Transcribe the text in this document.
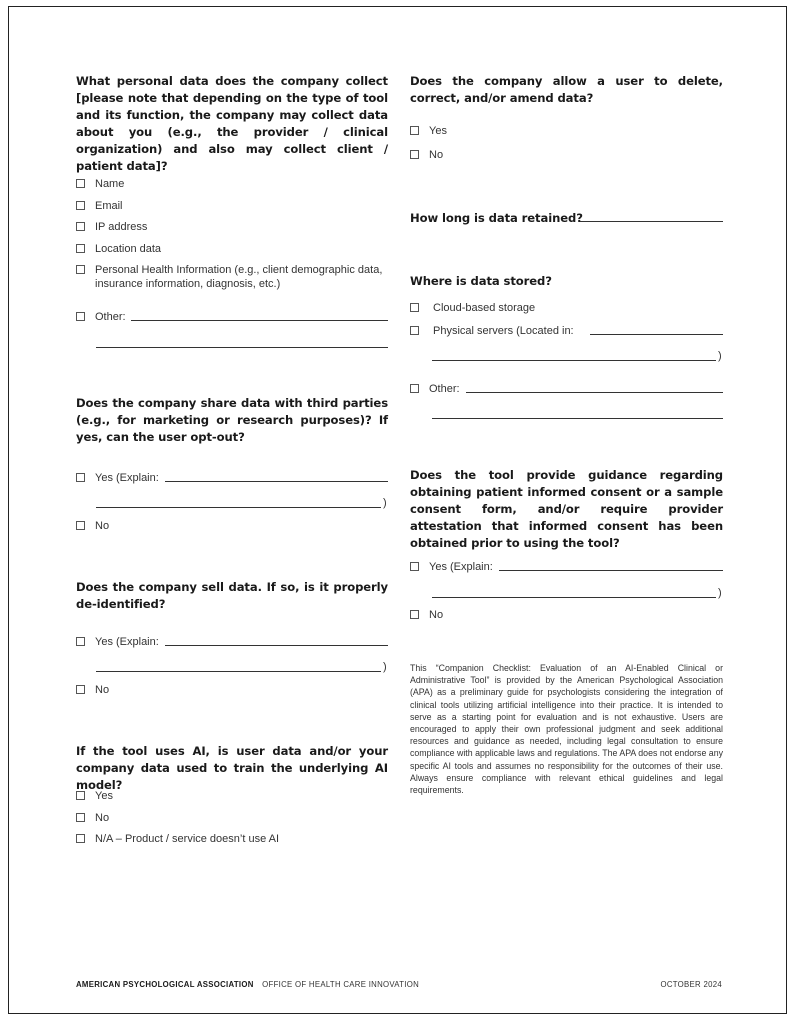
What personal data does the company collect [please note that depending on the type of tool and its function, the company may collect data about you (e.g., the provider / clinical organization) and also may collect client / patient data]?
Name
Email
IP address
Location data
Personal Health Information (e.g., client demographic data, insurance information, diagnosis, etc.)
Other:
Does the company share data with third parties (e.g., for marketing or research purposes)? If yes, can the user opt-out?
Yes (Explain:
)
No
Does the company sell data. If so, is it properly de-identified?
Yes (Explain:
)
No
If the tool uses AI, is user data and/or your company data used to train the underlying AI model?
Yes
No
N/A – Product / service doesn’t use AI
Does the company allow a user to delete, correct, and/or amend data?
Yes
No
How long is data retained?
Where is data stored?
Cloud-based storage
Physical servers (Located in:
)
Other:
Does the tool provide guidance regarding obtaining patient informed consent or a sample consent form, and/or require provider attestation that informed consent has been obtained prior to using the tool?
Yes (Explain:
)
No
This “Companion Checklist: Evaluation of an AI-Enabled Clinical or Administrative Tool” is provided by the American Psychological Association (APA) as a preliminary guide for psychologists considering the integration of clinical tools utilizing artificial intelligence into their practice. It is intended to serve as a starting point for evaluation and is not exhaustive. Users are encouraged to apply their own professional judgment and seek additional resources and guidance as needed, including legal consultation to ensure compliance with applicable laws and regulations. The APA does not endorse any specific AI tools and assumes no responsibility for the outcomes of their use. Always ensure compliance with relevant ethical guidelines and legal requirements.
AMERICAN PSYCHOLOGICAL ASSOCIATION OFFICE OF HEALTH CARE INNOVATION	OCTOBER 2024
